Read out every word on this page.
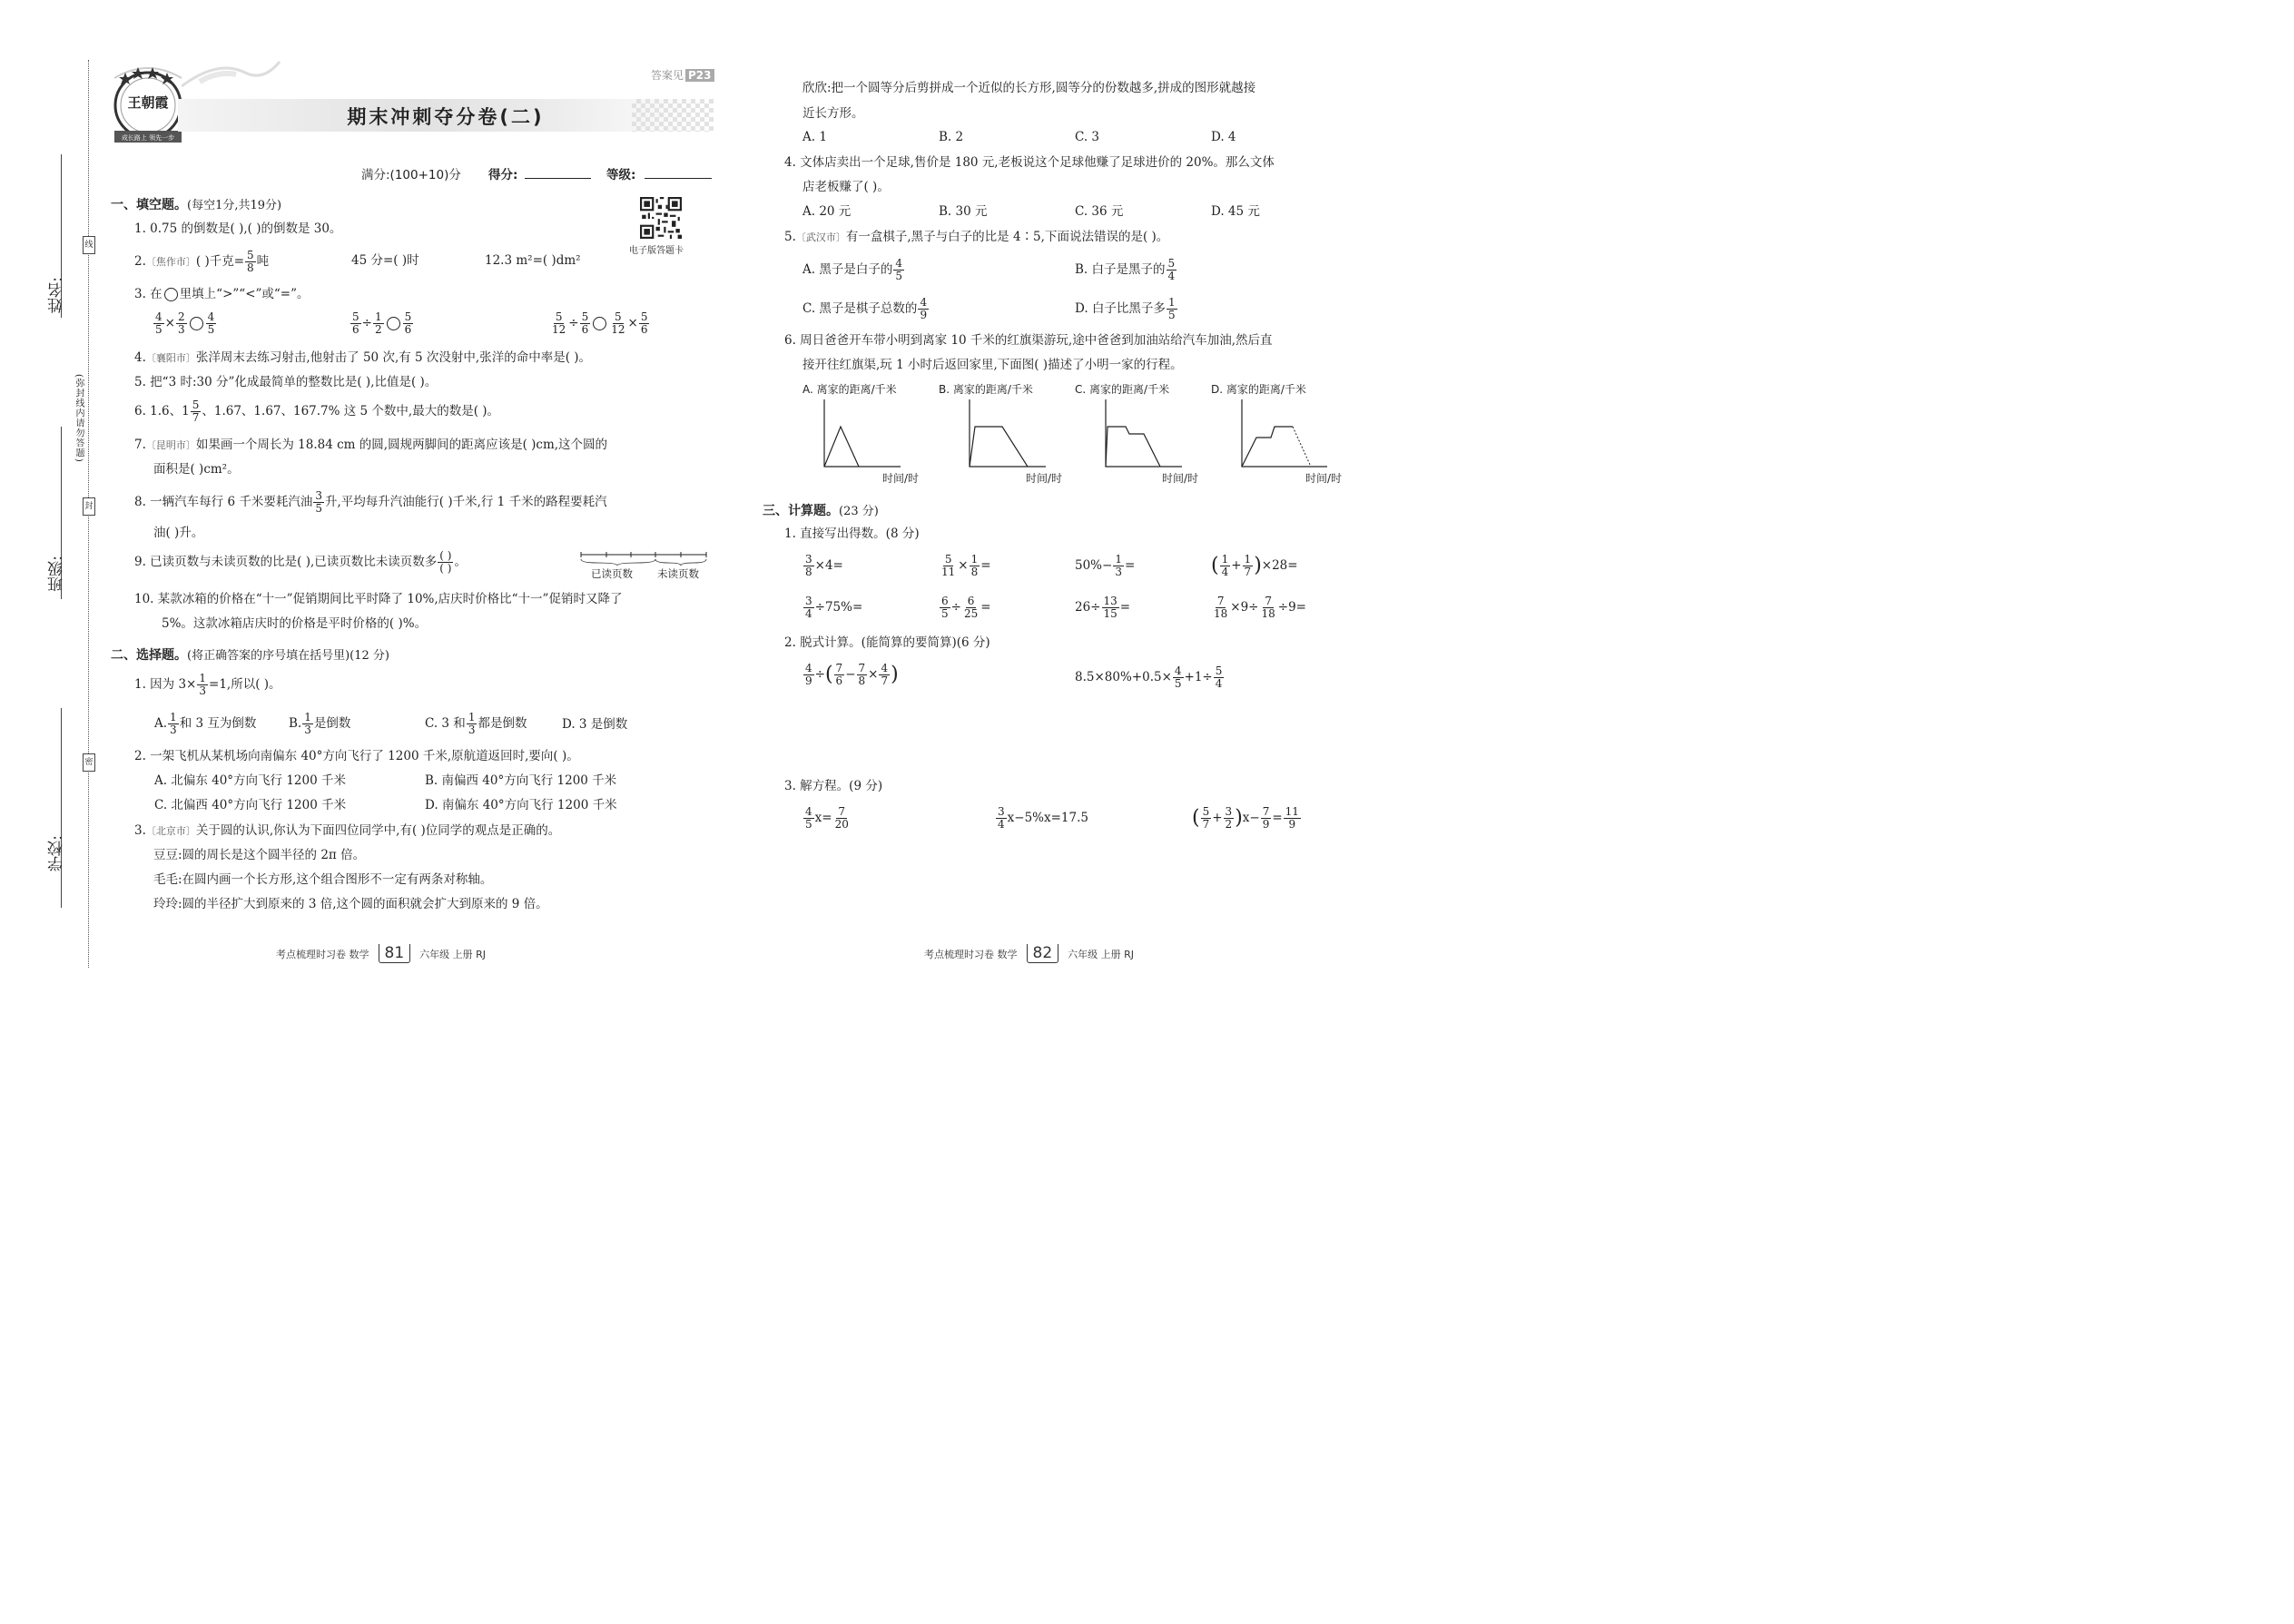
姓名:
班级:
学校:
线
封
密
(弥封线内请勿答题)
王朝霞
成长路上 领先一步
答案见 P23
期末冲刺夺分卷(二)
满分:(100+10)分 得分:	等级:
电子版答题卡
一、填空题。(每空1分,共19分)
1. 0.75 的倒数是( ),( )的倒数是 30。
2.〔焦作市〕( )千克= $\frac{5}{8}$ 吨	45 分=( )时	12.3 m²=( )dm²
3. 在 里填上“>”“<”或“=”。
$\frac{4}{5} \times \frac{2}{3} \frac{4}{5}$	$\frac{5}{6} \div \frac{1}{2} \frac{5}{6}$	$\frac{5}{12} \div \frac{5}{6} \frac{5}{12} \times \frac{5}{6}$
4.〔襄阳市〕张洋周末去练习射击,他射击了 50 次,有 5 次没射中,张洋的命中率是( )。
5. 把“3 时:30 分”化成最简单的整数比是( ),比值是( )。
6. 1.6、$1 \frac{5}{7}$ 、1.67、1.67、167.7% 这 5 个数中,最大的数是( )。
7.〔昆明市〕如果画一个周长为 18.84 cm 的圆,圆规两脚间的距离应该是( )cm,这个圆的
面积是( )cm²。
8. 一辆汽车每行 6 千米要耗汽油 $\frac{3}{5}$ 升,平均每升汽油能行( )千米,行 1 千米的路程要耗汽
油( )升。
9. 已读页数与未读页数的比是( ),已读页数比未读页数多 $\frac{( )}{( )}$ 。
已读页数 未读页数
10. 某款冰箱的价格在“十一”促销期间比平时降了 10%,店庆时价格比“十一”促销时又降了
5%。这款冰箱店庆时的价格是平时价格的( )%。
二、选择题。(将正确答案的序号填在括号里)(12 分)
1. 因为 $3\times \frac{1}{3} =1$,所以( )。
A. $\frac{1}{3}$ 和 3 互为倒数	B. $\frac{1}{3}$ 是倒数	C. 3 和 $\frac{1}{3}$ 都是倒数	D. 3 是倒数
2. 一架飞机从某机场向南偏东 40°方向飞行了 1200 千米,原航道返回时,要向( )。
A. 北偏东 40°方向飞行 1200 千米	B. 南偏西 40°方向飞行 1200 千米
C. 北偏西 40°方向飞行 1200 千米	D. 南偏东 40°方向飞行 1200 千米
3.〔北京市〕关于圆的认识,你认为下面四位同学中,有( )位同学的观点是正确的。
豆豆:圆的周长是这个圆半径的 2π 倍。
毛毛:在圆内画一个长方形,这个组合图形不一定有两条对称轴。
玲玲:圆的半径扩大到原来的 3 倍,这个圆的面积就会扩大到原来的 9 倍。
考点梳理时习卷 数学 81 六年级 上册 RJ
欣欣:把一个圆等分后剪拼成一个近似的长方形,圆等分的份数越多,拼成的图形就越接
近长方形。
A. 1	B. 2	C. 3	D. 4
4. 文体店卖出一个足球,售价是 180 元,老板说这个足球他赚了足球进价的 20%。那么文体
店老板赚了( )。
A. 20 元	B. 30 元	C. 36 元	D. 45 元
5.〔武汉市〕有一盒棋子,黑子与白子的比是 4∶5,下面说法错误的是( )。
A. 黑子是白子的 $\frac{4}{5}$	B. 白子是黑子的 $\frac{5}{4}$
C. 黑子是棋子总数的 $\frac{4}{9}$	D. 白子比黑子多 $\frac{1}{5}$
6. 周日爸爸开车带小明到离家 10 千米的红旗渠游玩,途中爸爸到加油站给汽车加油,然后直
接开往红旗渠,玩 1 小时后返回家里,下面图( )描述了小明一家的行程。
A. 离家的距离/千米
时间/时
B. 离家的距离/千米
时间/时
C. 离家的距离/千米
时间/时
D. 离家的距离/千米
时间/时
三、计算题。(23 分)
1. 直接写出得数。(8 分)
$\frac{3}{8} \times 4=$	$\frac{5}{11} \times \frac{1}{8}$ =	$50\%- \frac{1}{3}$ =	( $\frac{1}{4} + \frac{1}{7} )\times 28=$
$\frac{3}{4} \div 75\%=$	$\frac{6}{5} \div \frac{6}{25}$ =	$26\div \frac{13}{15}$ =	$\frac{7}{18} \times 9\div \frac{7}{18} \div 9=$
2. 脱式计算。(能简算的要简算)(6 分)
$\frac{4}{9}$ ÷( $\frac{7}{6} - \frac{7}{8} \times \frac{4}{7}$ )	$8.5\times 80\%+0.5\times \frac{4}{5} +1\div \frac{5}{4}$
3. 解方程。(9 分)
$\frac{4}{5} x= \frac{7}{20}$	$\frac{3}{4} x-5\%x=17.5$	( $\frac{5}{7} + \frac{3}{2} )x- \frac{7}{9} = \frac{11}{9}$
考点梳理时习卷 数学 82 六年级 上册 RJ
